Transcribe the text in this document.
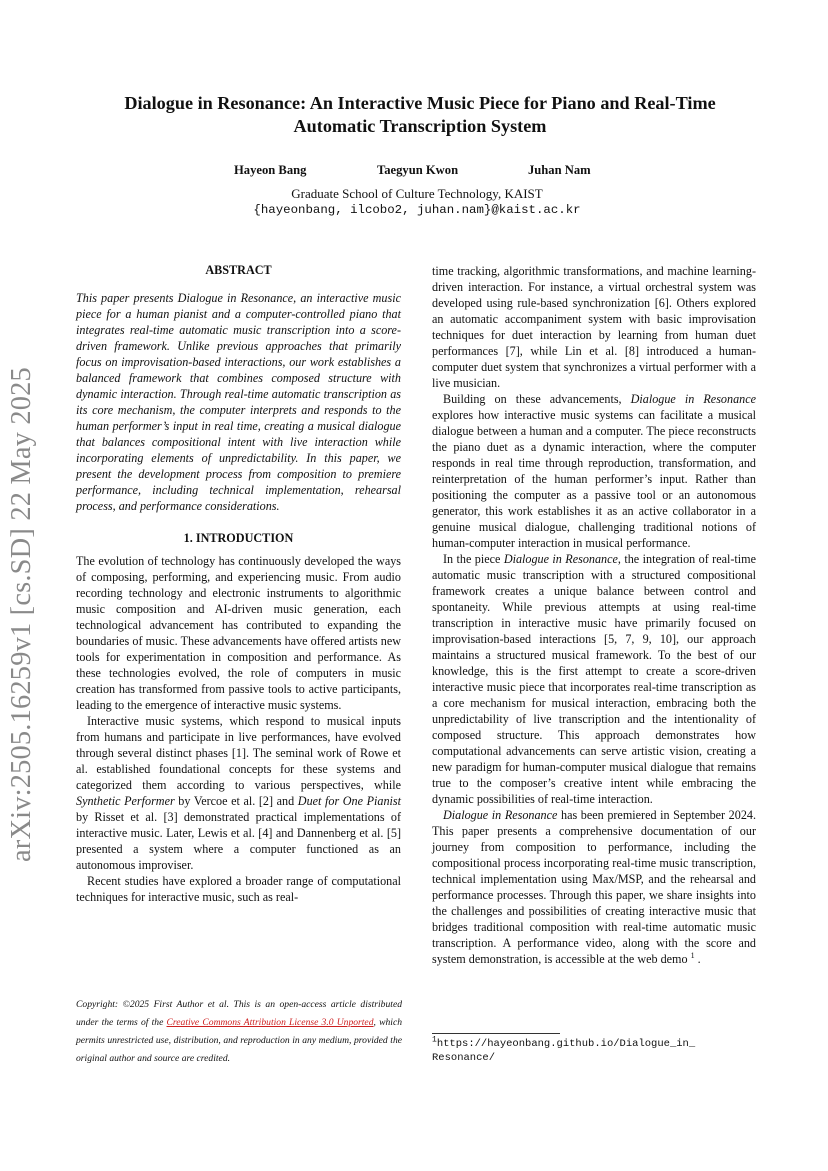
arXiv:2505.16259v1 [cs.SD] 22 May 2025
Dialogue in Resonance: An Interactive Music Piece for Piano and Real-Time
Automatic Transcription System
Hayeon Bang	Taegyun Kwon	Juhan Nam
Graduate School of Culture Technology, KAIST
{hayeonbang, ilcobo2, juhan.nam}@kaist.ac.kr
ABSTRACT

This paper presents Dialogue in Resonance, an interactive music piece for a human pianist and a computer-controlled piano that integrates real-time automatic music transcription into a score-driven framework. Unlike previous approaches that primarily focus on improvisation-based interactions, our work establishes a balanced framework that combines composed structure with dynamic interaction. Through real-time automatic transcription as its core mechanism, the computer interprets and responds to the human performer’s input in real time, creating a musical dialogue that balances compositional intent with live interaction while incorporating elements of unpredictability. In this paper, we present the development process from composition to premiere performance, including technical implementation, rehearsal process, and performance considerations.

1. INTRODUCTION

The evolution of technology has continuously developed the ways of composing, performing, and experiencing music. From audio recording technology and electronic instruments to algorithmic music composition and AI-driven music generation, each technological advancement has contributed to expanding the boundaries of music. These advancements have offered artists new tools for experimentation in composition and performance. As these technologies evolved, the role of computers in music creation has transformed from passive tools to active participants, leading to the emergence of interactive music systems.

Interactive music systems, which respond to musical inputs from humans and participate in live performances, have evolved through several distinct phases [1]. The seminal work of Rowe et al. established foundational concepts for these systems and categorized them according to various perspectives, while Synthetic Performer by Vercoe et al. [2] and Duet for One Pianist by Risset et al. [3] demonstrated practical implementations of interactive music. Later, Lewis et al. [4] and Dannenberg et al. [5] presented a system where a computer functioned as an autonomous improviser.

Recent studies have explored a broader range of computational techniques for interactive music, such as real-

Copyright: ©2025 First Author et al. This is an open-access article distributed under the terms of the Creative Commons Attribution License 3.0 Unported, which permits unrestricted use, distribution, and reproduction in any medium, provided the original author and source are credited.

time tracking, algorithmic transformations, and machine learning-driven interaction. For instance, a virtual orchestral system was developed using rule-based synchronization [6]. Others explored an automatic accompaniment system with basic improvisation techniques for duet interaction by learning from human duet performances [7], while Lin et al. [8] introduced a human-computer duet system that synchronizes a virtual performer with a live musician.

Building on these advancements, Dialogue in Resonance explores how interactive music systems can facilitate a musical dialogue between a human and a computer. The piece reconstructs the piano duet as a dynamic interaction, where the computer responds in real time through reproduction, transformation, and reinterpretation of the human performer’s input. Rather than positioning the computer as a passive tool or an autonomous generator, this work establishes it as an active collaborator in a genuine musical dialogue, challenging traditional notions of human-computer interaction in musical performance.

In the piece Dialogue in Resonance, the integration of real-time automatic music transcription with a structured compositional framework creates a unique balance between control and spontaneity. While previous attempts at using real-time transcription in interactive music have primarily focused on improvisation-based interactions [5, 7, 9, 10], our approach maintains a structured musical framework. To the best of our knowledge, this is the first attempt to create a score-driven interactive music piece that incorporates real-time transcription as a core mechanism for musical interaction, embracing both the unpredictability of live transcription and the intentionality of composed structure. This approach demonstrates how computational advancements can serve artistic vision, creating a new paradigm for human-computer musical dialogue that remains true to the composer’s creative intent while embracing the dynamic possibilities of real-time interaction.

Dialogue in Resonance has been premiered in September 2024. This paper presents a comprehensive documentation of our journey from composition to performance, including the compositional process incorporating real-time music transcription, technical implementation using Max/MSP, and the rehearsal and performance processes. Through this paper, we share insights into the challenges and possibilities of creating interactive music that bridges traditional composition with real-time automatic music transcription. A performance video, along with the score and system demonstration, is accessible at the web demo $^1$ .

$^1$https://hayeonbang.github.io/Dialogue_in_ Resonance/
